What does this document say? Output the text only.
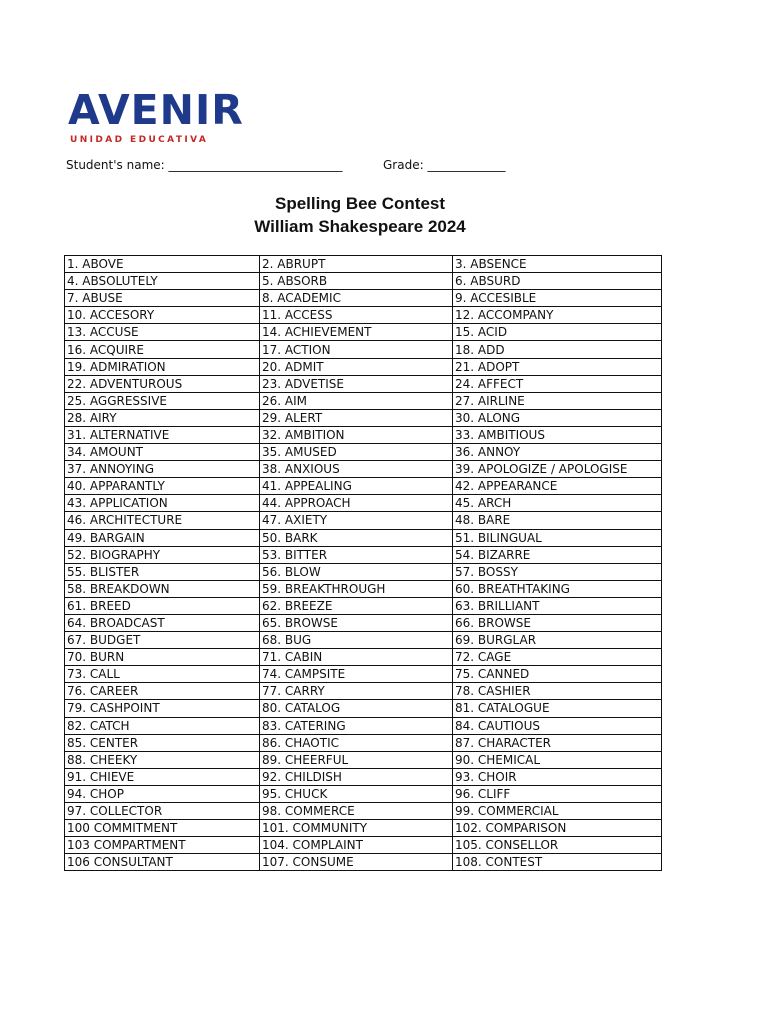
AVENIR
UNIDAD EDUCATIVA
Student's name: _____________________________	Grade: _____________
Spelling Bee Contest
William Shakespeare 2024
1. ABOVE	2. ABRUPT	3. ABSENCE
4. ABSOLUTELY	5. ABSORB	6. ABSURD
7. ABUSE	8. ACADEMIC	9. ACCESIBLE
10. ACCESORY	11. ACCESS	12. ACCOMPANY
13. ACCUSE	14. ACHIEVEMENT	15. ACID
16. ACQUIRE	17. ACTION	18. ADD
19. ADMIRATION	20. ADMIT	21. ADOPT
22. ADVENTUROUS	23. ADVETISE	24. AFFECT
25. AGGRESSIVE	26. AIM	27. AIRLINE
28. AIRY	29. ALERT	30. ALONG
31. ALTERNATIVE	32. AMBITION	33. AMBITIOUS
34. AMOUNT	35. AMUSED	36. ANNOY
37. ANNOYING	38. ANXIOUS	39. APOLOGIZE / APOLOGISE
40. APPARANTLY	41. APPEALING	42. APPEARANCE
43. APPLICATION	44. APPROACH	45. ARCH
46. ARCHITECTURE	47. AXIETY	48. BARE
49. BARGAIN	50. BARK	51. BILINGUAL
52. BIOGRAPHY	53. BITTER	54. BIZARRE
55. BLISTER	56. BLOW	57. BOSSY
58. BREAKDOWN	59. BREAKTHROUGH	60. BREATHTAKING
61. BREED	62. BREEZE	63. BRILLIANT
64. BROADCAST	65. BROWSE	66. BROWSE
67. BUDGET	68. BUG	69. BURGLAR
70. BURN	71. CABIN	72. CAGE
73. CALL	74. CAMPSITE	75. CANNED
76. CAREER	77. CARRY	78. CASHIER
79. CASHPOINT	80. CATALOG	81. CATALOGUE
82. CATCH	83. CATERING	84. CAUTIOUS
85. CENTER	86. CHAOTIC	87. CHARACTER
88. CHEEKY	89. CHEERFUL	90. CHEMICAL
91. CHIEVE	92. CHILDISH	93. CHOIR
94. CHOP	95. CHUCK	96. CLIFF
97. COLLECTOR	98. COMMERCE	99. COMMERCIAL
100 COMMITMENT	101. COMMUNITY	102. COMPARISON
103 COMPARTMENT	104. COMPLAINT	105. CONSELLOR
106 CONSULTANT	107. CONSUME	108. CONTEST
